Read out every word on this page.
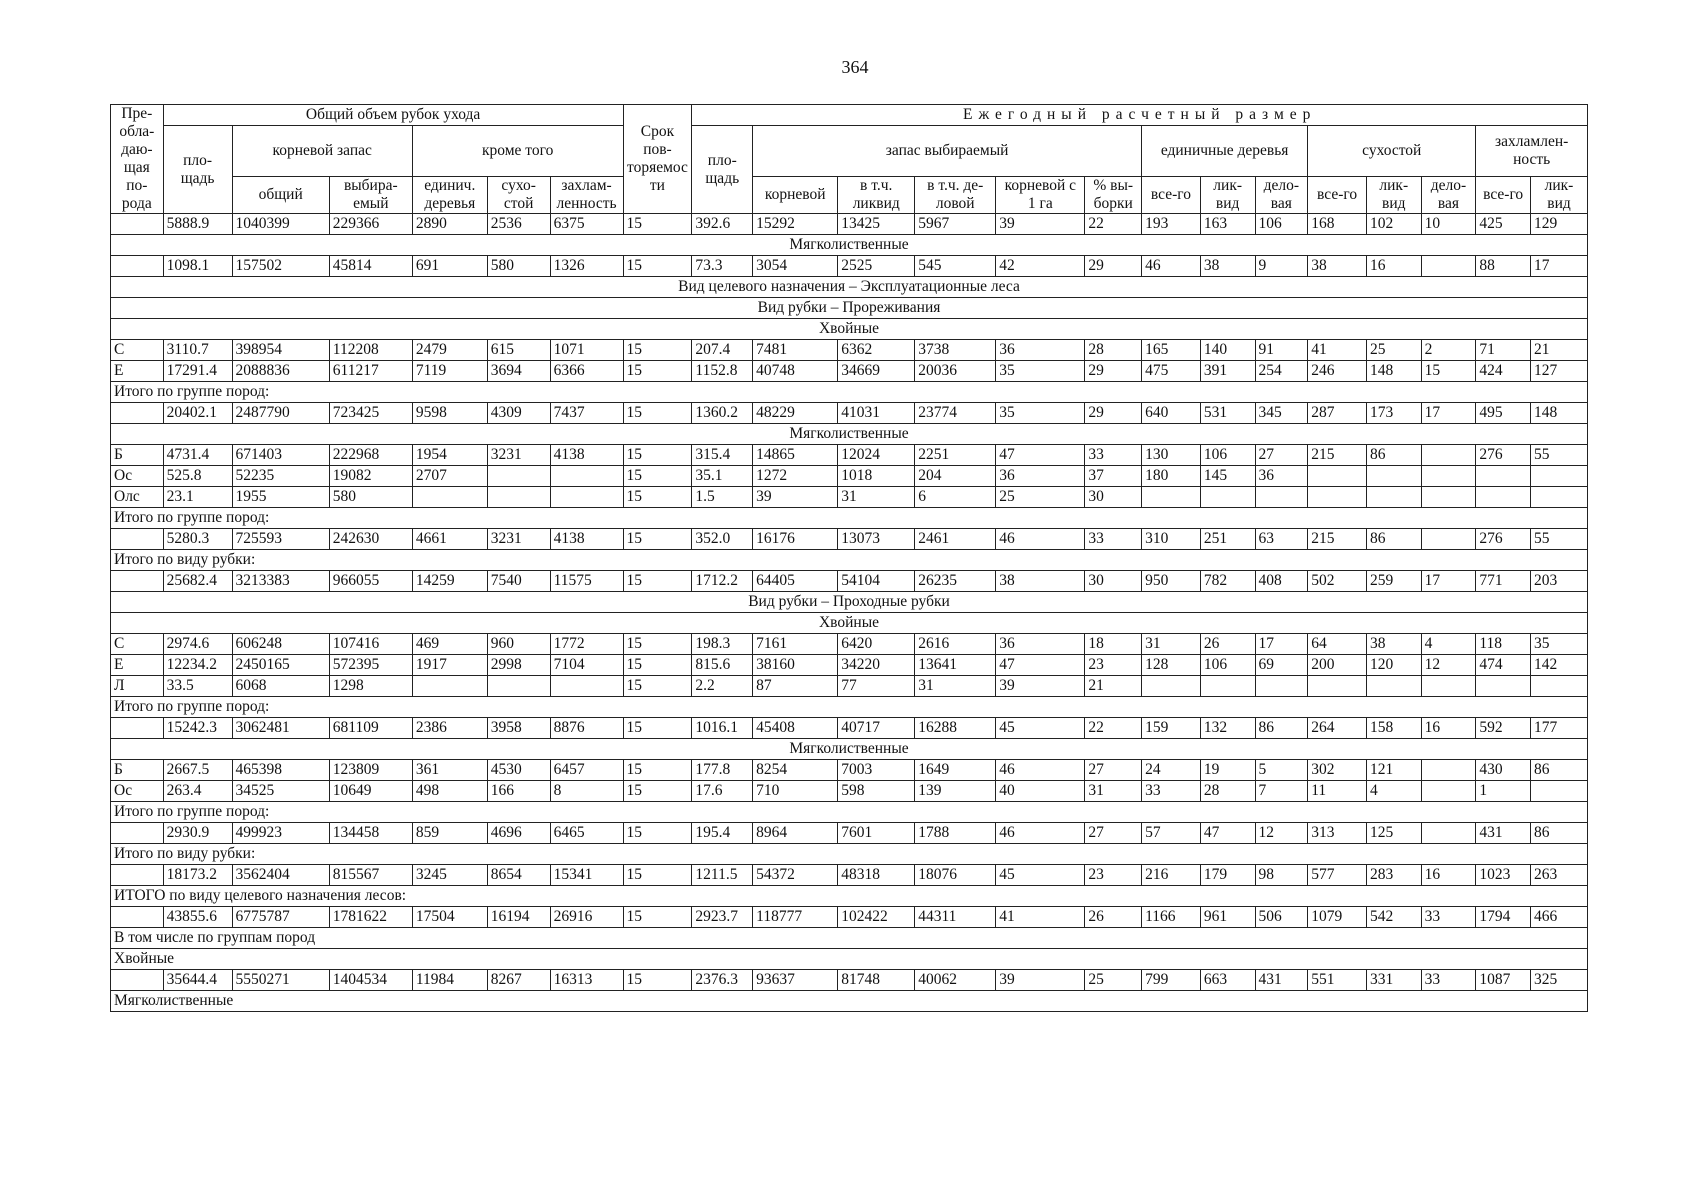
364
Пре-обла-даю-щая по-рода	Общий объем рубок ухода						Срок пов-торяемос ти	Ежегодный расчетный размер													
	пло-щадь	корневой запас		кроме того				пло-щадь	запас выбираемый					единичные деревья			сухостой			захламлен-ность	
		общий	выбира-емый	единич. деревья	сухо-стой	захлам-ленность			корневой	в т.ч. ликвид	в т.ч. де-ловой	корневой с 1 га	% вы-борки	все-го	лик-вид	дело-вая	все-го	лик-вид	дело-вая	все-го	лик-вид
	5888.9	1040399	229366	2890	2536	6375	15	392.6	15292	13425	5967	39	22	193	163	106	168	102	10	425	129
Мягколиственные																					
	1098.1	157502	45814	691	580	1326	15	73.3	3054	2525	545	42	29	46	38	9	38	16		88	17
Вид целевого назначения – Эксплуатационные леса																					
Вид рубки – Прореживания																					
Хвойные																					
С	3110.7	398954	112208	2479	615	1071	15	207.4	7481	6362	3738	36	28	165	140	91	41	25	2	71	21
Е	17291.4	2088836	611217	7119	3694	6366	15	1152.8	40748	34669	20036	35	29	475	391	254	246	148	15	424	127
Итого по группе пород:																					
	20402.1	2487790	723425	9598	4309	7437	15	1360.2	48229	41031	23774	35	29	640	531	345	287	173	17	495	148
Мягколиственные																					
Б	4731.4	671403	222968	1954	3231	4138	15	315.4	14865	12024	2251	47	33	130	106	27	215	86		276	55
Ос	525.8	52235	19082	2707			15	35.1	1272	1018	204	36	37	180	145	36					
Олс	23.1	1955	580				15	1.5	39	31	6	25	30								
Итого по группе пород:																					
	5280.3	725593	242630	4661	3231	4138	15	352.0	16176	13073	2461	46	33	310	251	63	215	86		276	55
Итого по виду рубки:																					
	25682.4	3213383	966055	14259	7540	11575	15	1712.2	64405	54104	26235	38	30	950	782	408	502	259	17	771	203
Вид рубки – Проходные рубки																					
Хвойные																					
С	2974.6	606248	107416	469	960	1772	15	198.3	7161	6420	2616	36	18	31	26	17	64	38	4	118	35
Е	12234.2	2450165	572395	1917	2998	7104	15	815.6	38160	34220	13641	47	23	128	106	69	200	120	12	474	142
Л	33.5	6068	1298				15	2.2	87	77	31	39	21								
Итого по группе пород:																					
	15242.3	3062481	681109	2386	3958	8876	15	1016.1	45408	40717	16288	45	22	159	132	86	264	158	16	592	177
Мягколиственные																					
Б	2667.5	465398	123809	361	4530	6457	15	177.8	8254	7003	1649	46	27	24	19	5	302	121		430	86
Ос	263.4	34525	10649	498	166	8	15	17.6	710	598	139	40	31	33	28	7	11	4		1	
Итого по группе пород:																					
	2930.9	499923	134458	859	4696	6465	15	195.4	8964	7601	1788	46	27	57	47	12	313	125		431	86
Итого по виду рубки:																					
	18173.2	3562404	815567	3245	8654	15341	15	1211.5	54372	48318	18076	45	23	216	179	98	577	283	16	1023	263
ИТОГО по виду целевого назначения лесов:																					
	43855.6	6775787	1781622	17504	16194	26916	15	2923.7	118777	102422	44311	41	26	1166	961	506	1079	542	33	1794	466
В том числе по группам пород																					
Хвойные																					
	35644.4	5550271	1404534	11984	8267	16313	15	2376.3	93637	81748	40062	39	25	799	663	431	551	331	33	1087	325
Мягколиственные																					
